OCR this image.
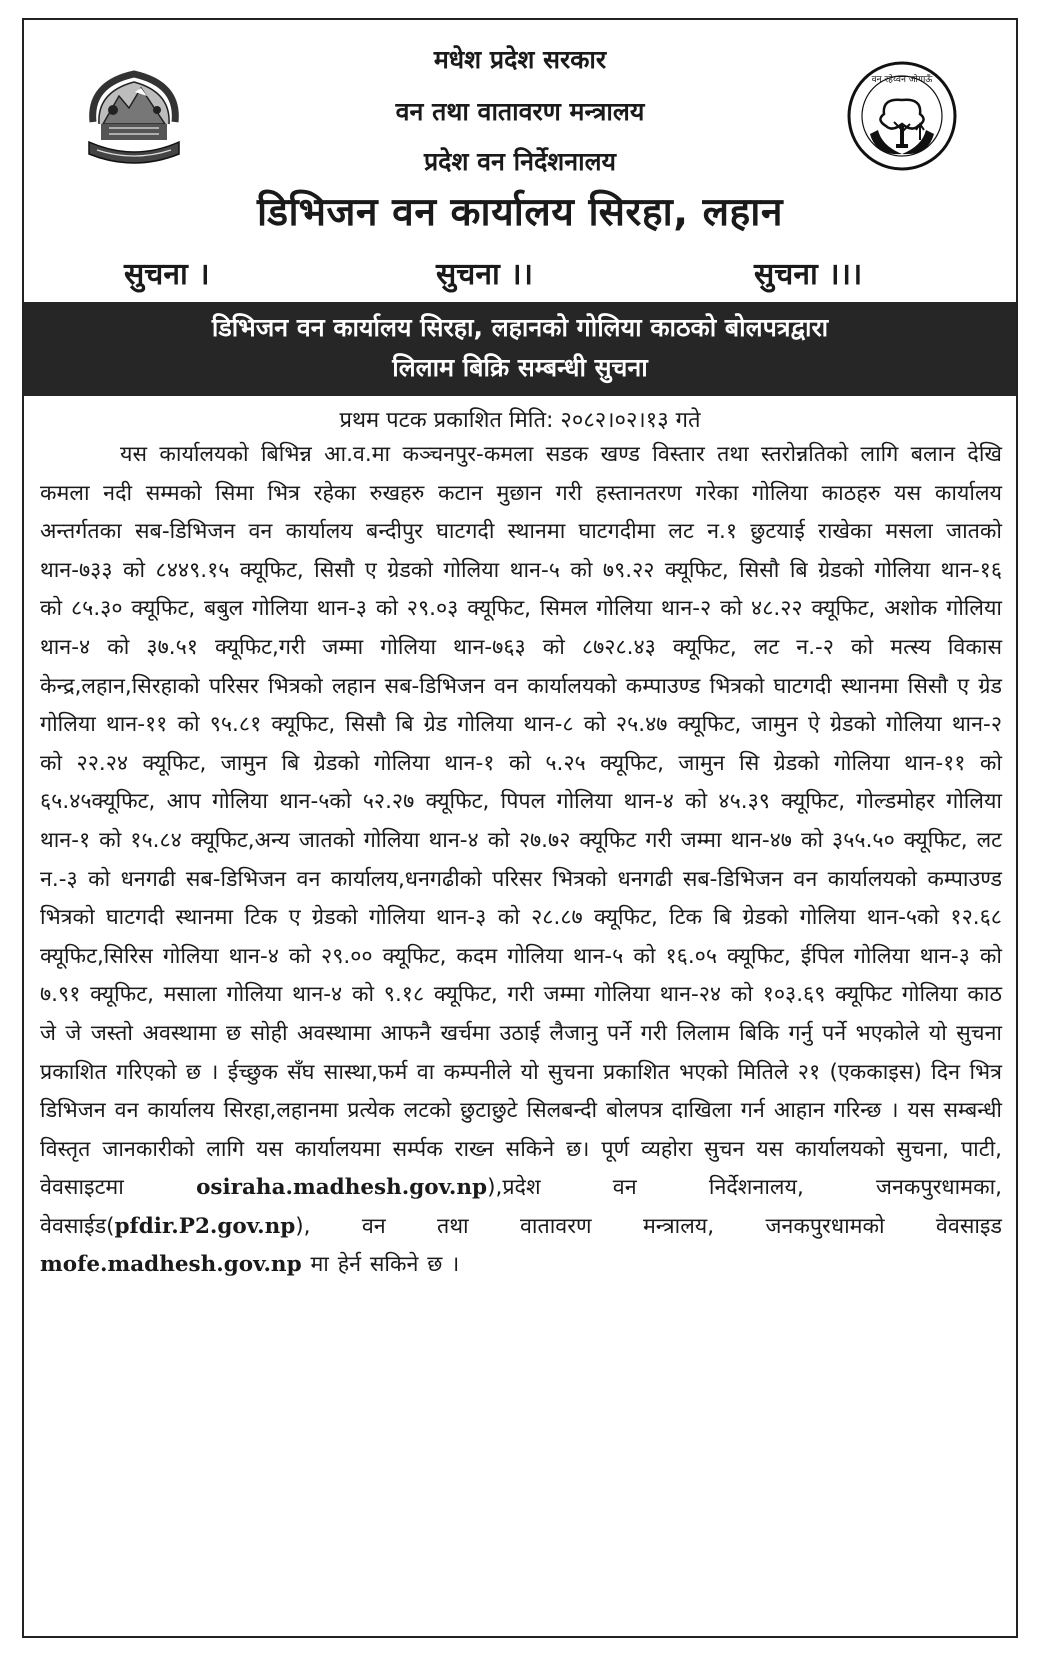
वन रहेय्वन जोगाऊँ
मधेश प्रदेश सरकार
वन तथा वातावरण मन्त्रालय
प्रदेश वन निर्देशनालय
डिभिजन वन कार्यालय सिरहा, लहान
सुचना ।	सुचना ।।	सुचना ।।।
डिभिजन वन कार्यालय सिरहा, लहानको गोलिया काठको बोलपत्रद्वारा
लिलाम बिक्रि सम्बन्धी सुचना
प्रथम पटक प्रकाशित मिति: २०८२।०२।१३ गते
यस कार्यालयको बिभिन्न आ.व.मा कञ्चनपुर-कमला सडक खण्ड विस्तार तथा स्तरोन्नतिको लागि बलान देखि कमला नदी सम्मको सिमा भित्र रहेका रुखहरु कटान मुछान गरी हस्तानतरण गरेका गोलिया काठहरु यस कार्यालय अन्तर्गतका सब-डिभिजन वन कार्यालय बन्दीपुर घाटगदी स्थानमा घाटगदीमा लट न.१ छुटयाई राखेका मसला जातको थान-७३३ को ८४४९.१५ क्यूफिट, सिसौ ए ग्रेडको गोलिया थान-५ को ७९.२२ क्यूफिट, सिसौ बि ग्रेडको गोलिया थान-१६ को ८५.३० क्यूफिट, बबुल गोलिया थान-३ को २९.०३ क्यूफिट, सिमल गोलिया थान-२ को ४८.२२ क्यूफिट, अशोक गोलिया थान-४ को ३७.५१ क्यूफिट,गरी जम्मा गोलिया थान-७६३ को ८७२८.४३ क्यूफिट, लट न.-२ को मत्स्य विकास केन्द्र,लहान,सिरहाको परिसर भित्रको लहान सब-डिभिजन वन कार्यालयको कम्पाउण्ड भित्रको घाटगदी स्थानमा सिसौ ए ग्रेड गोलिया थान-११ को ९५.८१ क्यूफिट, सिसौ बि ग्रेड गोलिया थान-८ को २५.४७ क्यूफिट, जामुन ऐ ग्रेडको गोलिया थान-२ को २२.२४ क्यूफिट, जामुन बि ग्रेडको गोलिया थान-१ को ५.२५ क्यूफिट, जामुन सि ग्रेडको गोलिया थान-११ को ६५.४५क्यूफिट, आप गोलिया थान-५को ५२.२७ क्यूफिट, पिपल गोलिया थान-४ को ४५.३९ क्यूफिट, गोल्डमोहर गोलिया थान-१ को १५.८४ क्यूफिट,अन्य जातको गोलिया थान-४ को २७.७२ क्यूफिट गरी जम्मा थान-४७ को ३५५.५० क्यूफिट, लट न.-३ को धनगढी सब-डिभिजन वन कार्यालय,धनगढीको परिसर भित्रको धनगढी सब-डिभिजन वन कार्यालयको कम्पाउण्ड भित्रको घाटगदी स्थानमा टिक ए ग्रेडको गोलिया थान-३ को २८.८७ क्यूफिट, टिक बि ग्रेडको गोलिया थान-५को १२.६८ क्यूफिट,सिरिस गोलिया थान-४ को २९.०० क्यूफिट, कदम गोलिया थान-५ को १६.०५ क्यूफिट, ईपिल गोलिया थान-३ को ७.९१ क्यूफिट, मसाला गोलिया थान-४ को ९.१८ क्यूफिट, गरी जम्मा गोलिया थान-२४ को १०३.६९ क्यूफिट गोलिया काठ जे जे जस्तो अवस्थामा छ सोही अवस्थामा आफनै खर्चमा उठाई लैजानु पर्ने गरी लिलाम बिकि गर्नु पर्ने भएकोले यो सुचना प्रकाशित गरिएको छ । ईच्छुक सँघ सास्था,फर्म वा कम्पनीले यो सुचना प्रकाशित भएको मितिले २१ (एककाइस) दिन भित्र डिभिजन वन कार्यालय सिरहा,लहानमा प्रत्येक लटको छुटाछुटे सिलबन्दी बोलपत्र दाखिला गर्न आहान गरिन्छ । यस सम्बन्धी विस्तृत जानकारीको लागि यस कार्यालयमा सर्म्पक राख्न सकिने छ। पूर्ण व्यहोरा सुचन यस कार्यालयको सुचना, पाटी, वेवसाइटमा	osiraha.madhesh.gov.np),प्रदेश वन निर्देशनालय, जनकपुरधामका, वेवसाईड(pfdir.P2.gov.np), वन तथा वातावरण मन्त्रालय, जनकपुरधामको वेवसाइड mofe.madhesh.gov.np मा हेर्न सकिने छ ।
